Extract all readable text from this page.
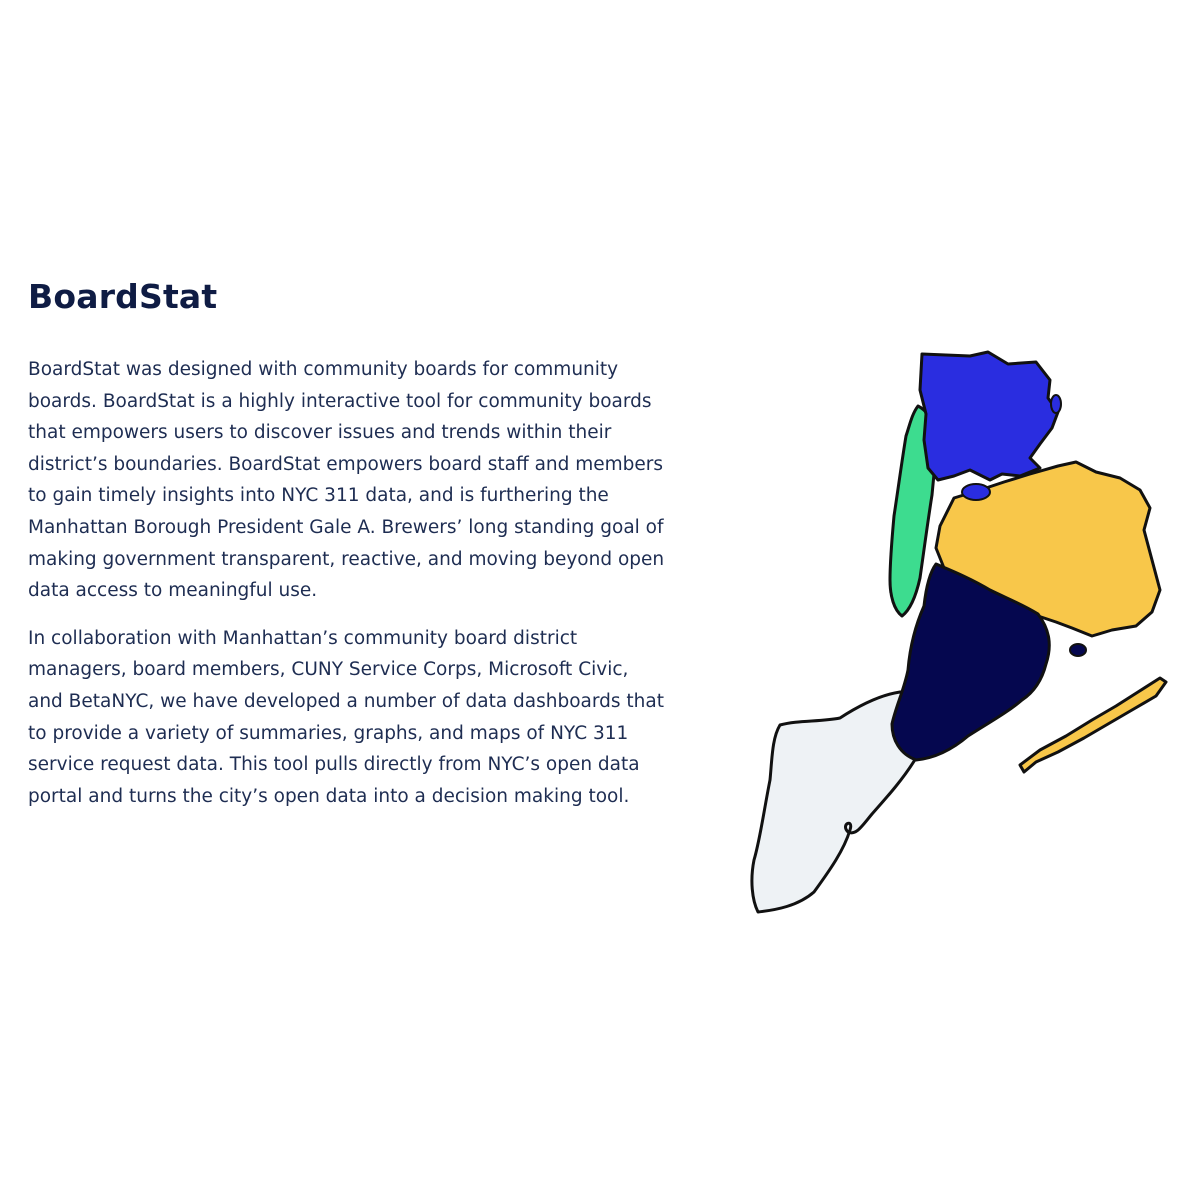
BoardStat

BoardStat was designed with community boards for community boards. BoardStat is a highly interactive tool for community boards that empowers users to discover issues and trends within their district’s boundaries. BoardStat empowers board staff and members to gain timely insights into NYC 311 data, and is furthering the Manhattan Borough President Gale A. Brewers’ long standing goal of making government transparent, reactive, and moving beyond open data access to meaningful use.

In collaboration with Manhattan’s community board district managers, board members, CUNY Service Corps, Microsoft Civic, and BetaNYC, we have developed a number of data dashboards that to provide a variety of summaries, graphs, and maps of NYC 311 service request data. This tool pulls directly from NYC’s open data portal and turns the city’s open data into a decision making tool.
